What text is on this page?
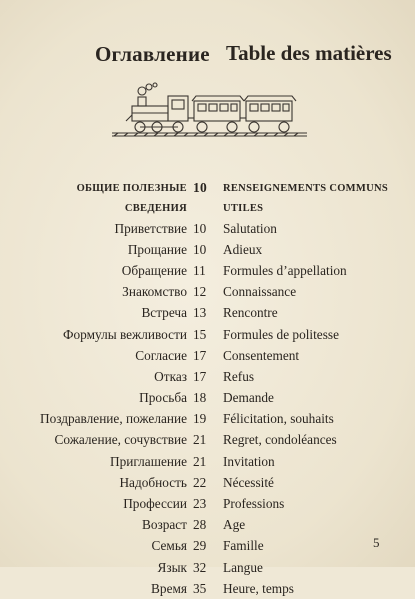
Оглавление Table des matières
ОБЩИЕ ПОЛЕЗНЫЕ	10	RENSEIGNEMENTS COMMUNS
СВЕДЕНИЯ		UTILES
Приветствие	10	Salutation
Прощание	10	Adieux
Обращение	11	Formules d’appellation
Знакомство	12	Connaissance
Встреча	13	Rencontre
Формулы вежливости	15	Formules de politesse
Согласие	17	Consentement
Отказ	17	Refus
Просьба	18	Demande
Поздравление, пожелание	19	Félicitation, souhaits
Сожаление, сочувствие	21	Regret, condoléances
Приглашение	21	Invitation
Надобность	22	Nécessité
Профессии	23	Professions
Возраст	28	Age
Семья	29	Famille
Язык	32	Langue
Время	35	Heure, temps
5
